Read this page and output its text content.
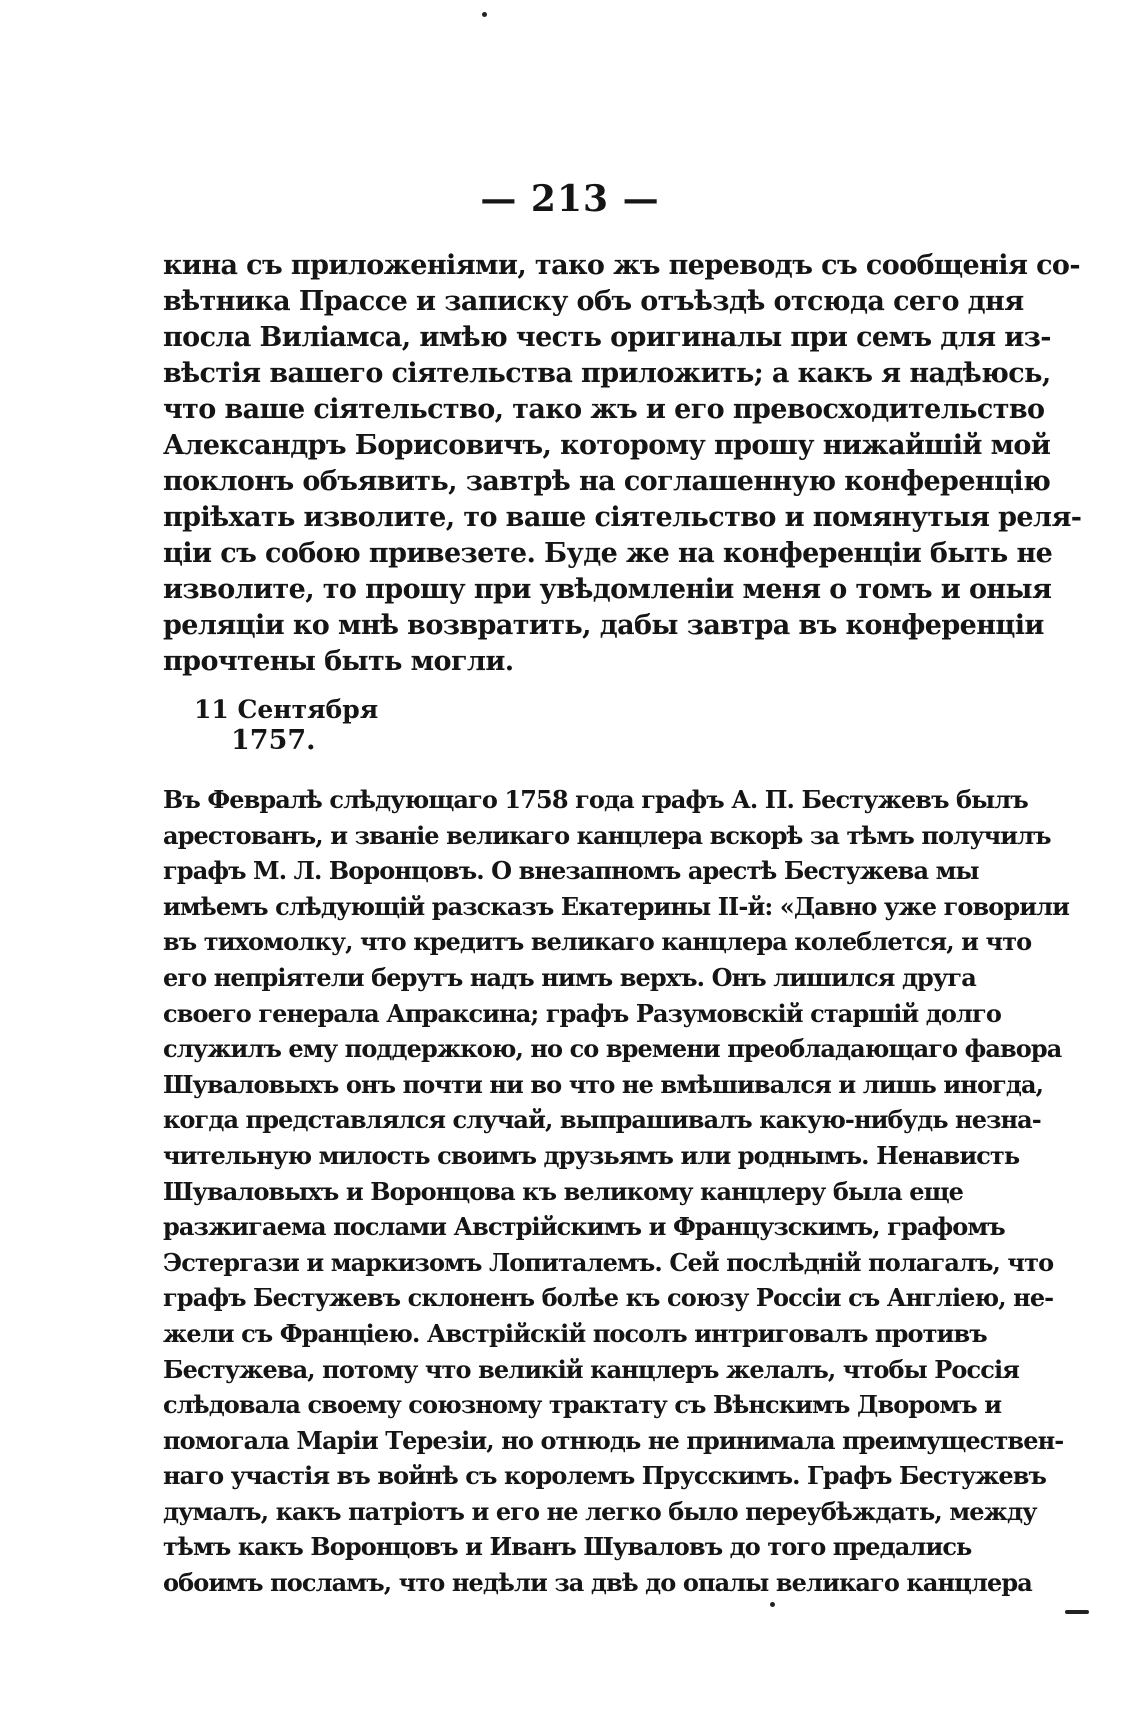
— 213 —
кина съ приложеніями, тако жъ переводъ съ сообщенія со-
вѣтника Прассе и записку объ отъѣздѣ отсюда сего дня
посла Виліамса, имѣю честь оригиналы при семъ для из-
вѣстія вашего сіятельства приложить; а какъ я надѣюсь,
что ваше сіятельство, тако жъ и его превосходительство
Александръ Борисовичъ, которому прошу нижайшій мой
поклонъ объявить, завтрѣ на соглашенную конференцію
пріѣхать изволите, то ваше сіятельство и помянутыя реля-
ціи съ собою привезете. Буде же на конференціи быть не
изволите, то прошу при увѣдомленіи меня о томъ и оныя
реляціи ко мнѣ возвратить, дабы завтра въ конференціи
прочтены быть могли.
11 Сентября
1757.
Въ Февралѣ слѣдующаго 1758 года графъ А. П. Бестужевъ былъ
арестованъ, и званіе великаго канцлера вскорѣ за тѣмъ получилъ
графъ М. Л. Воронцовъ. О внезапномъ арестѣ Бестужева мы
имѣемъ слѣдующій разсказъ Екатерины II-й: «Давно уже говорили
въ тихомолку, что кредитъ великаго канцлера колеблется, и что
его непріятели берутъ надъ нимъ верхъ. Онъ лишился друга
своего генерала Апраксина; графъ Разумовскій старшій долго
служилъ ему поддержкою, но со времени преобладающаго фавора
Шуваловыхъ онъ почти ни во что не вмѣшивался и лишь иногда,
когда представлялся случай, выпрашивалъ какую-нибудь незна-
чительную милость своимъ друзьямъ или роднымъ. Ненависть
Шуваловыхъ и Воронцова къ великому канцлеру была еще
разжигаема послами Австрійскимъ и Французскимъ, графомъ
Эстергази и маркизомъ Лопиталемъ. Сей послѣдній полагалъ, что
графъ Бестужевъ склоненъ болѣе къ союзу Россіи съ Англіею, не-
жели съ Франціею. Австрійскій посолъ интриговалъ противъ
Бестужева, потому что великій канцлеръ желалъ, чтобы Россія
слѣдовала своему союзному трактату съ Вѣнскимъ Дворомъ и
помогала Маріи Терезіи, но отнюдь не принимала преимуществен-
наго участія въ войнѣ съ королемъ Прусскимъ. Графъ Бестужевъ
думалъ, какъ патріотъ и его не легко было переубѣждать, между
тѣмъ какъ Воронцовъ и Иванъ Шуваловъ до того предались
обоимъ посламъ, что недѣли за двѣ до опалы великаго канцлера
